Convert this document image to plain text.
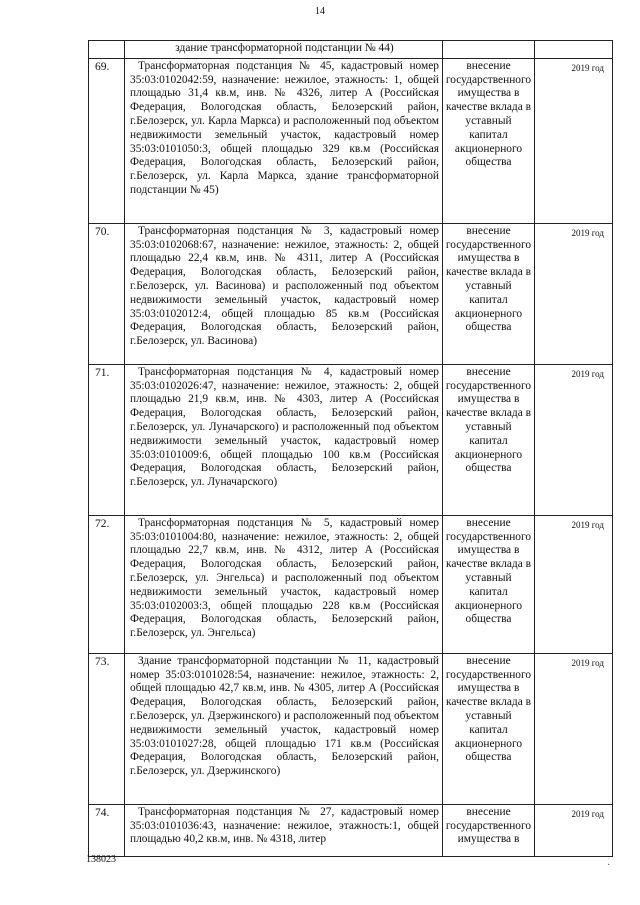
14

	здание трансформаторной подстанции № 44)		

69.	Трансформаторная подстанция № 45, кадастровый номер 35:03:0102042:59, назначение: нежилое, этажность: 1, общей площадью 31,4 кв.м, инв. № 4326, литер А (Российская Федерация, Вологодская область, Белозерский район, г.Белозерск, ул. Карла Маркса) и расположенный под объектом недвижимости земельный участок, кадастровый номер 35:03:0101050:3, общей площадью 329 кв.м (Российская Федерация, Вологодская область, Белозерский район, г.Белозерск, ул. Карла Маркса, здание трансформаторной подстанции № 45)	внесение государственного имущества в качестве вклада в уставный капитал акционерного общества	2019 год

70.	Трансформаторная подстанция № 3, кадастровый номер 35:03:0102068:67, назначение: нежилое, этажность: 2, общей площадью 22,4 кв.м, инв. № 4311, литер А (Российская Федерация, Вологодская область, Белозерский район, г.Белозерск, ул. Васинова) и расположенный под объектом недвижимости земельный участок, кадастровый номер 35:03:0102012:4, общей площадью 85 кв.м (Российская Федерация, Вологодская область, Белозерский район, г.Белозерск, ул. Васинова)	внесение государственного имущества в качестве вклада в уставный капитал акционерного общества	2019 год

71.	Трансформаторная подстанция № 4, кадастровый номер 35:03:0102026:47, назначение: нежилое, этажность: 2, общей площадью 21,9 кв.м, инв. № 4303, литер А (Российская Федерация, Вологодская область, Белозерский район, г.Белозерск, ул. Луначарского) и расположенный под объектом недвижимости земельный участок, кадастровый номер 35:03:0101009:6, общей площадью 100 кв.м (Российская Федерация, Вологодская область, Белозерский район, г.Белозерск, ул. Луначарского)	внесение государственного имущества в качестве вклада в уставный капитал акционерного общества	2019 год

72.	Трансформаторная подстанция № 5, кадастровый номер 35:03:0101004:80, назначение: нежилое, этажность: 2, общей площадью 22,7 кв.м, инв. № 4312, литер А (Российская Федерация, Вологодская область, Белозерский район, г.Белозерск, ул. Энгельса) и расположенный под объектом недвижимости земельный участок, кадастровый номер 35:03:0102003:3, общей площадью 228 кв.м (Российская Федерация, Вологодская область, Белозерский район, г.Белозерск, ул. Энгельса)	внесение государственного имущества в качестве вклада в уставный капитал акционерного общества	2019 год

73.	Здание трансформаторной подстанции № 11, кадастровый номер 35:03:0101028:54, назначение: нежилое, этажность: 2, общей площадью 42,7 кв.м, инв. № 4305, литер А (Российская Федерация, Вологодская область, Белозерский район, г.Белозерск, ул. Дзержинского) и расположенный под объектом недвижимости земельный участок, кадастровый номер 35:03:0101027:28, общей площадью 171 кв.м (Российская Федерация, Вологодская область, Белозерский район, г.Белозерск, ул. Дзержинского)	внесение государственного имущества в качестве вклада в уставный капитал акционерного общества	2019 год

74.	Трансформаторная подстанция № 27, кадастровый номер 35:03:0101036:43, назначение: нежилое, этажность:1, общей площадью 40,2 кв.м, инв. № 4318, литер	внесение государственного имущества в	2019 год
138023
·
